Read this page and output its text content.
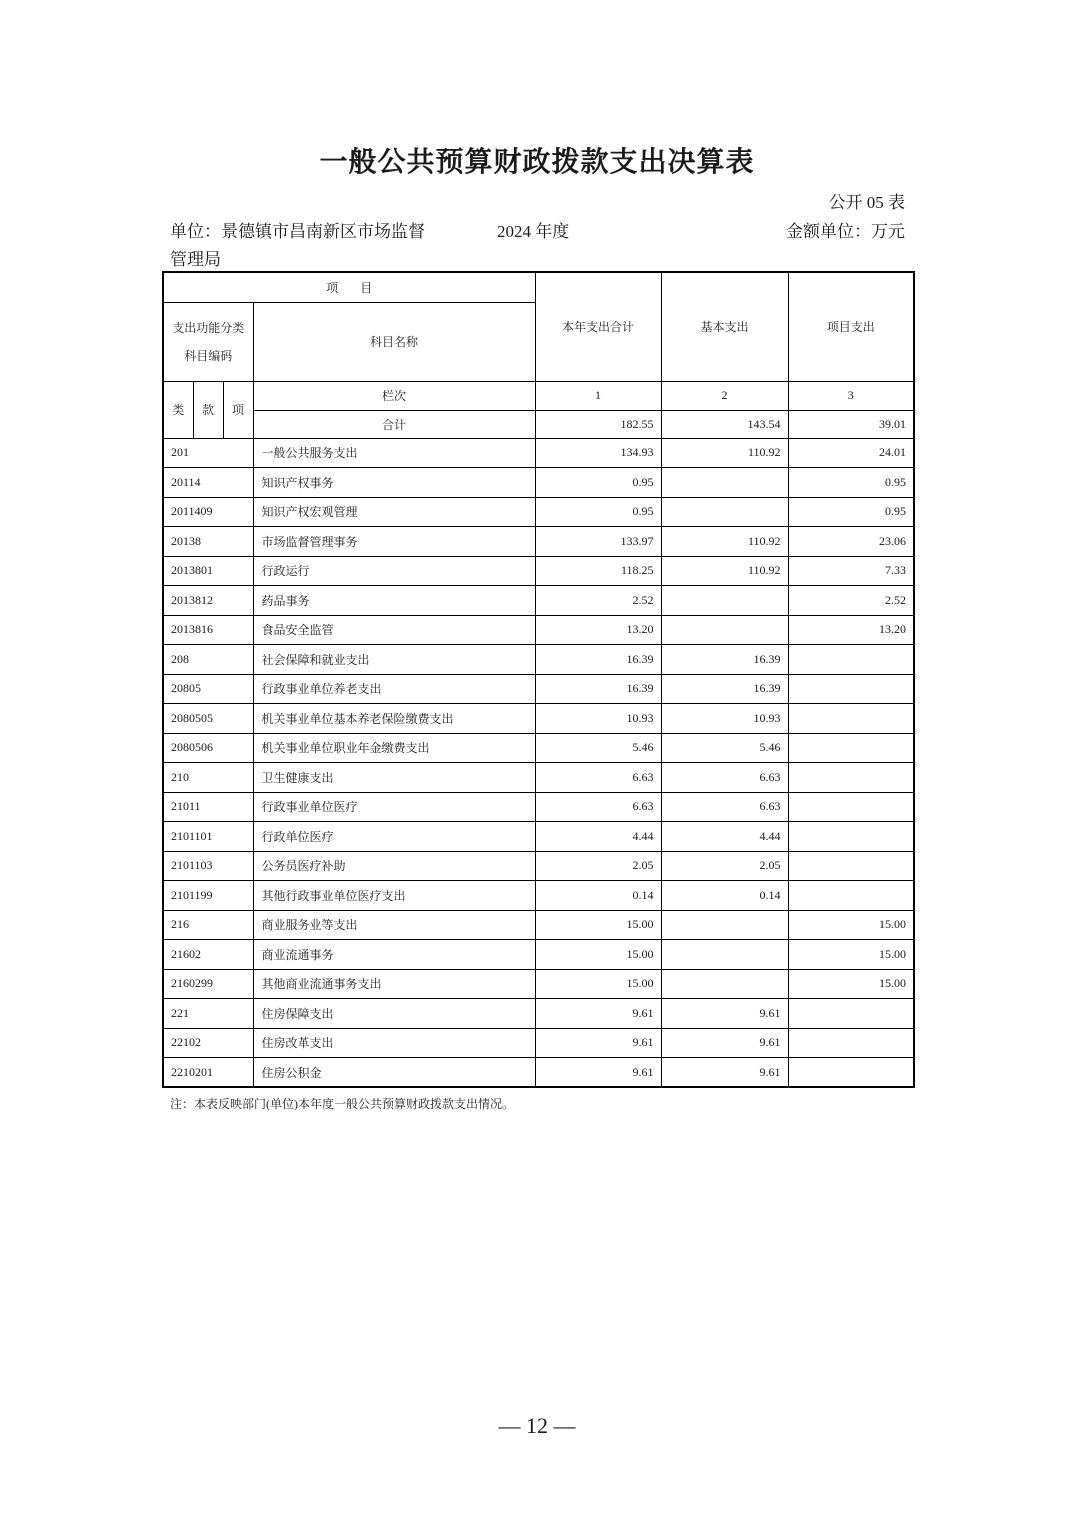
一般公共预算财政拨款支出决算表
公开 05 表
单位：景德镇市昌南新区市场监督
管理局
2024 年度	金额单位：万元
项目				本年支出合计	基本支出	项目支出

支出功能分类
科目编码			科目名称			
类	款	项	栏次	1	2	3
			合计	182.55	143.54	39.01
201			一般公共服务支出	134.93	110.92	24.01
20114			知识产权事务	0.95		0.95
2011409			知识产权宏观管理	0.95		0.95
20138			市场监督管理事务	133.97	110.92	23.06
2013801			行政运行	118.25	110.92	7.33
2013812			药品事务	2.52		2.52
2013816			食品安全监管	13.20		13.20
208			社会保障和就业支出	16.39	16.39	
20805			行政事业单位养老支出	16.39	16.39	
2080505			机关事业单位基本养老保险缴费支出	10.93	10.93	
2080506			机关事业单位职业年金缴费支出	5.46	5.46	
210			卫生健康支出	6.63	6.63	
21011			行政事业单位医疗	6.63	6.63	
2101101			行政单位医疗	4.44	4.44	
2101103			公务员医疗补助	2.05	2.05	
2101199			其他行政事业单位医疗支出	0.14	0.14	
216			商业服务业等支出	15.00		15.00
21602			商业流通事务	15.00		15.00
2160299			其他商业流通事务支出	15.00		15.00
221			住房保障支出	9.61	9.61	
22102			住房改革支出	9.61	9.61	
2210201			住房公积金	9.61	9.61	
注：本表反映部门(单位)本年度一般公共预算财政拨款支出情况。
— 12 —
